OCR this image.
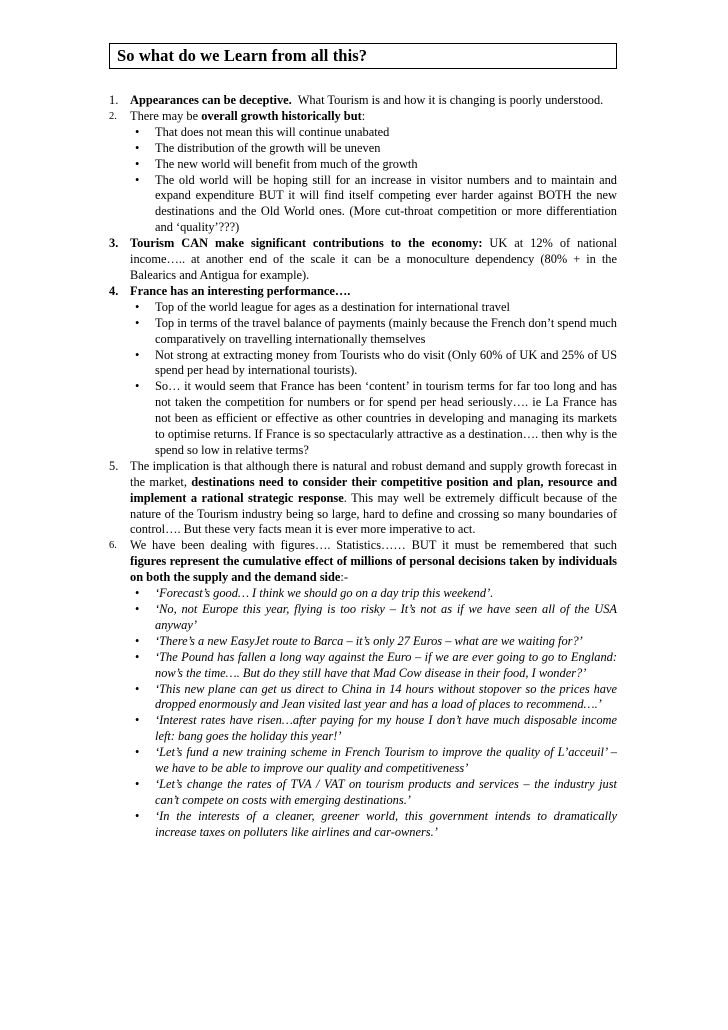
So what do we Learn from all this?
1. Appearances can be deceptive.  What Tourism is and how it is changing is poorly understood.
2.	There may be overall growth historically but:
• That does not mean this will continue unabated
• The distribution of the growth will be uneven
• The new world will benefit from much of the growth
• The old world will be hoping still for an increase in visitor numbers and to maintain and expand expenditure BUT it will find itself competing ever harder against BOTH the new destinations and the Old World ones. (More cut-throat competition or more differentiation and ‘quality’???)
3. Tourism CAN make significant contributions to the economy: UK at 12% of national income….. at another end of the scale it can be a monoculture dependency (80% + in the Balearics and Antigua for example).
4. France has an interesting performance….
• Top of the world league for ages as a destination for international travel
• Top in terms of the travel balance of payments (mainly because the French don’t spend much comparatively on travelling internationally themselves
• Not strong at extracting money from Tourists who do visit (Only 60% of UK and 25% of US  spend per head by international tourists).
• So… it would seem that France has been ‘content’ in tourism terms for far too long and has not taken the competition for numbers or for spend per head seriously…. ie La France has not been as efficient or effective as other countries in developing and managing its markets to optimise returns. If France is so spectacularly attractive as a destination…. then why is the spend so low in relative terms?
5. The implication is that although there is natural and robust demand and supply growth forecast in the market, destinations need to consider their competitive position and plan, resource and implement a rational strategic response. This may well be extremely difficult because of the nature of the Tourism industry being so large, hard to define and crossing so many boundaries of control…. But these very facts mean it is ever more imperative to act.
6.	We have been dealing with figures…. Statistics…… BUT it must be remembered that such figures represent the cumulative effect of millions of personal decisions taken by individuals on both the supply and the demand side:-
• ‘Forecast’s good… I think we should go on a day trip this weekend’.
• ‘No, not Europe this year, flying is too risky – It’s not as if we have seen all of the USA anyway’
• ‘There’s a new EasyJet route to Barca – it’s only 27 Euros – what are we waiting for?’
• ‘The Pound has fallen a long way against the Euro – if we are ever going to go to England: now’s the time…. But do they still have that Mad Cow disease in their food, I wonder?’
• ‘This new plane can get us direct to China in 14 hours without stopover so the prices have dropped enormously and Jean visited last year and has a load of places to recommend….’
• ‘Interest rates have risen…after paying for my house I don’t have much disposable income left: bang goes the holiday this year!’
• ‘Let’s fund a new training scheme in French Tourism to improve the quality of L’acceuil’ – we have to be able to improve our quality and competitiveness’
• ‘Let’s change the rates of TVA / VAT on tourism products and services – the industry just can’t compete on costs with emerging destinations.’
• ‘In the interests of a cleaner, greener world, this government intends to dramatically increase taxes on polluters like airlines and car-owners.’
